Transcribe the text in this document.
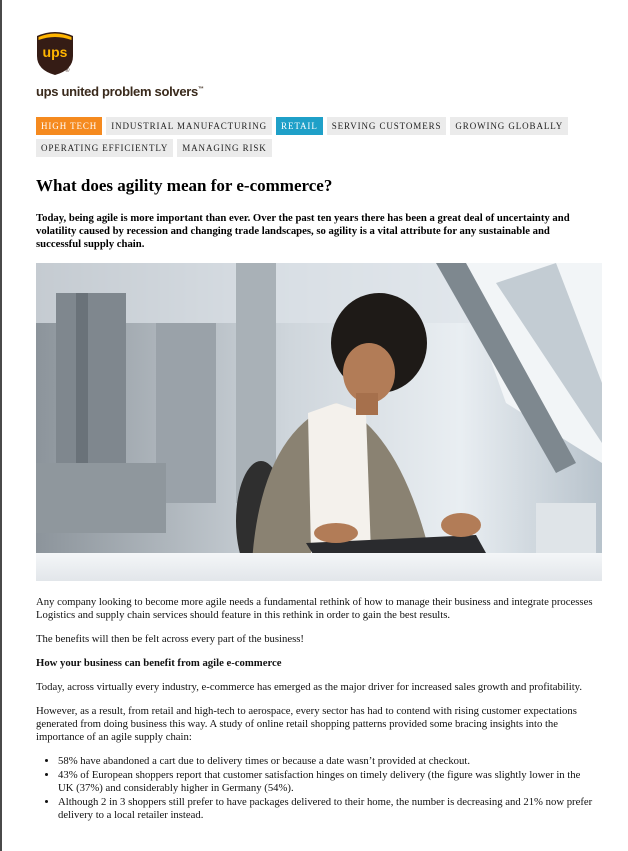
ups
®
ups united problem solvers™
HIGH TECH	INDUSTRIAL MANUFACTURING	RETAIL	SERVING CUSTOMERS	GROWING GLOBALLY
OPERATING EFFICIENTLY	MANAGING RISK
What does agility mean for e-commerce?

Today, being agile is more important than ever. Over the past ten years there has been a great deal of uncertainty and volatility caused by recession and changing trade landscapes, so agility is a vital attribute for any sustainable and successful supply chain.

Any company looking to become more agile needs a fundamental rethink of how to manage their business and integrate processes Logistics and supply chain services should feature in this rethink in order to gain the best results.

The benefits will then be felt across every part of the business!

How your business can benefit from agile e-commerce

Today, across virtually every industry, e-commerce has emerged as the major driver for increased sales growth and profitability.

However, as a result, from retail and high-tech to aerospace, every sector has had to contend with rising customer expectations generated from doing business this way. A study of online retail shopping patterns provided some bracing insights into the importance of an agile supply chain:

• 58% have abandoned a cart due to delivery times or because a date wasn’t provided at checkout.
• 43% of European shoppers report that customer satisfaction hinges on timely delivery (the figure was slightly lower in the UK (37%) and considerably higher in Germany (54%).
• Although 2 in 3 shoppers still prefer to have packages delivered to their home, the number is decreasing and 21% now prefer delivery to a local retailer instead.
